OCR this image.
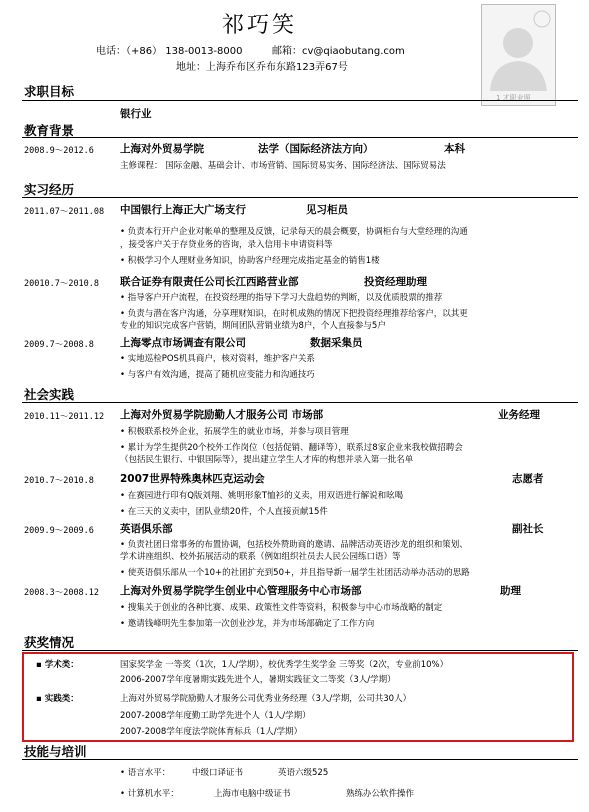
祁巧笑
电话：（+86） 138-0013-8000	邮箱：cv@qiaobutang.com
地址：上海乔布区乔布东路123弄67号
1 才职业照
求职目标
银行业
教育背景
2008.9～2012.6 上海对外贸易学院	法学（国际经济法方向）	本科
主修课程： 国际金融、基础会计、市场营销、国际贸易实务、国际经济法、国际贸易法
实习经历
2011.07～2011.08 中国银行上海正大广场支行	见习柜员
• 负责本行开户企业对帐单的整理及反馈，记录每天的晨会概要，协调柜台与大堂经理的沟通
，接受客户关于存贷业务的咨询，录入信用卡申请资料等
• 积极学习个人理财业务知识，协助客户经理完成指定基金的销售1楼
20010.7～2010.8 联合证券有限责任公司长江西路营业部	投资经理助理
• 指导客户开户流程，在投资经理的指导下学习大盘趋势的判断，以及优质股票的推荐
• 负责与潜在客户沟通，分享理财知识，在时机成熟的情况下把投资经理推荐给客户，以其更
专业的知识完成客户营销，期间团队营销业绩为8户，个人直接参与5户
2009.7～2008.8 上海零点市场调查有限公司	数据采集员
• 实地巡检POS机具商户，核对资料，维护客户关系
• 与客户有效沟通，提高了随机应变能力和沟通技巧
社会实践
2010.11～2011.12 上海对外贸易学院励勤人才服务公司 市场部	业务经理
• 积极联系校外企业，拓展学生的就业市场，并参与项目管理
• 累计为学生提供20个校外工作岗位（包括促销、翻译等），联系过8家企业来我校做招聘会
（包括民生银行、中银国际等），提出建立学生人才库的构想并录入第一批名单
2010.7～2010.8 2007世界特殊奥林匹克运动会	志愿者
• 在赛园进行印有Q版刘翔、姚明形象T恤衫的义卖，用双语进行解说和吆喝
• 在三天的义卖中，团队业绩20件，个人直接贡献15件
2009.9～2009.6 英语俱乐部	副社长
• 负责社团日常事务的布置协调，包括校外赞助商的邀请、品牌活动英语沙龙的组织和策划、
学术讲座组织、校外拓展活动的联系（例如组织社员去人民公园练口语）等
• 使英语俱乐部从一个10+的社团扩充到50+，并且指导新一届学生社团活动举办活动的思路
2008.3～2008.12 上海对外贸易学院学生创业中心管理服务中心市场部	助理
• 搜集关于创业的各种比赛、成果、政策性文件等资料，积极参与中心市场战略的制定
• 邀请钱峰明先生参加第一次创业沙龙，并为市场部确定了工作方向
获奖情况
▪ 学术类：	国家奖学金 一等奖（1次，1人/学期），校优秀学生奖学金 三等奖（2次，专业前10%）
2006-2007学年度暑期实践先进个人，暑期实践征文二等奖（3人/学期）
▪ 实践类：	上海对外贸易学院励勤人才服务公司优秀业务经理（3人/学期，公司共30人）
2007-2008学年度勤工助学先进个人（1人/学期）
2007-2008学年度法学院体育标兵（1人/学期）
技能与培训
• 语言水平：	中级口译证书	英语六级525
• 计算机水平：	上海市电脑中级证书	熟练办公软件操作
